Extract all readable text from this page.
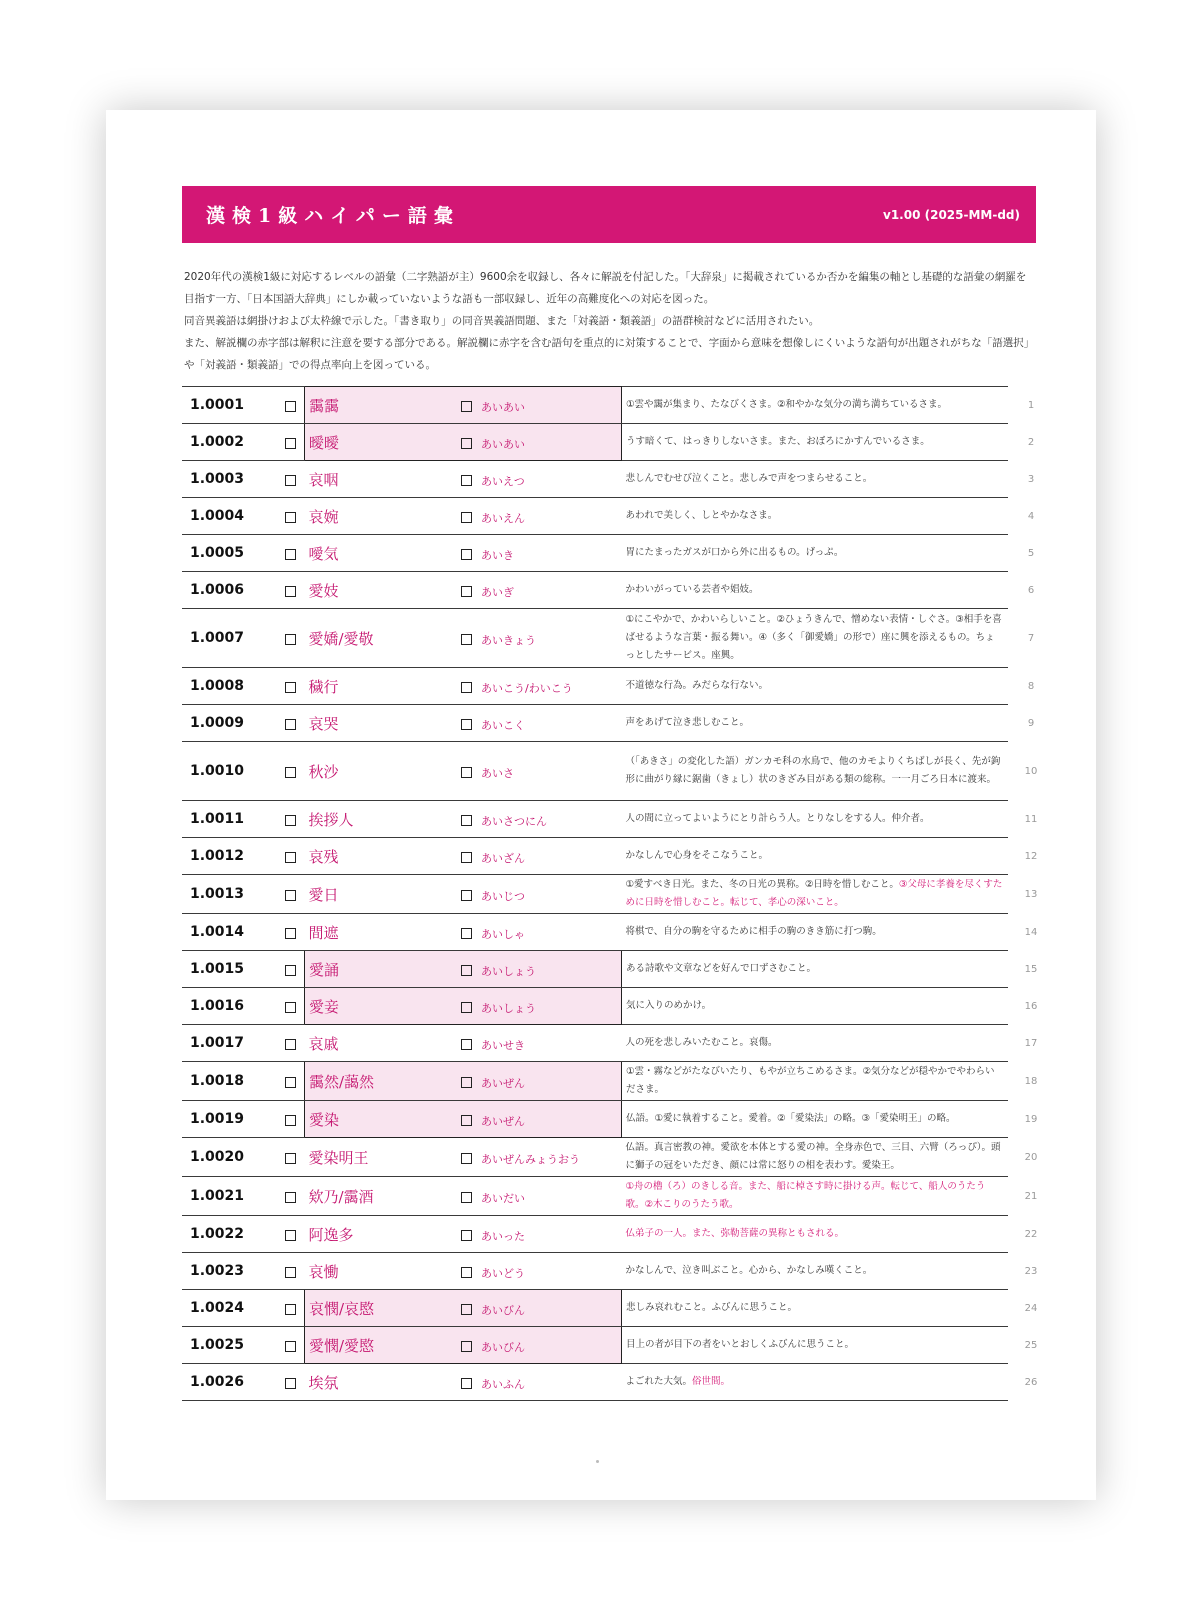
漢検1級ハイパー語彙	v1.00 (2025-MM-dd)

2020年代の漢検1級に対応するレベルの語彙（二字熟語が主）9600余を収録し、各々に解説を付記した。「大辞泉」に掲載されているか否かを編集の軸とし基礎的な語彙の網羅を

目指す一方、「日本国語大辞典」にしか載っていないような語も一部収録し、近年の高難度化への対応を図った。

同音異義語は網掛けおよび太枠線で示した。「書き取り」の同音異義語問題、また「対義語・類義語」の語群検討などに活用されたい。

また、解説欄の赤字部は解釈に注意を要する部分である。解説欄に赤字を含む語句を重点的に対策することで、字面から意味を想像しにくいような語句が出題されがちな「語選択」

や「対義語・類義語」での得点率向上を図っている。

1.0001		靄靄		あいあい	①雲や靄が集まり、たなびくさま。②和やかな気分の満ち満ちているさま。	1
1.0002		曖曖		あいあい	うす暗くて、はっきりしないさま。また、おぼろにかすんでいるさま。	2
1.0003		哀咽		あいえつ	悲しんでむせび泣くこと。悲しみで声をつまらせること。	3
1.0004		哀婉		あいえん	あわれで美しく、しとやかなさま。	4
1.0005		噯気		あいき	胃にたまったガスが口から外に出るもの。げっぷ。	5
1.0006		愛妓		あいぎ	かわいがっている芸者や娼妓。	6
1.0007		愛嬌/愛敬		あいきょう	①にこやかで、かわいらしいこと。②ひょうきんで、憎めない表情・しぐさ。③相手を喜ばせるような言葉・振る舞い。④（多く「御愛嬌」の形で）座に興を添えるもの。ちょっとしたサービス。座興。	7
1.0008		穢行		あいこう/わいこう	不道徳な行為。みだらな行ない。	8
1.0009		哀哭		あいこく	声をあげて泣き悲しむこと。	9
1.0010		秋沙		あいさ	（「あきさ」の変化した語）ガンカモ科の水鳥で、他のカモよりくちばしが長く、先が鉤形に曲がり縁に鋸歯（きょし）状のきざみ目がある類の総称。一一月ごろ日本に渡来。	10
1.0011		挨拶人		あいさつにん	人の間に立ってよいようにとり計らう人。とりなしをする人。仲介者。	11
1.0012		哀残		あいざん	かなしんで心身をそこなうこと。	12
1.0013		愛日		あいじつ	①愛すべき日光。また、冬の日光の異称。②日時を惜しむこと。③父母に孝養を尽くすために日時を惜しむこと。転じて、孝心の深いこと。	13
1.0014		間遮		あいしゃ	将棋で、自分の駒を守るために相手の駒のきき筋に打つ駒。	14
1.0015		愛誦		あいしょう	ある詩歌や文章などを好んで口ずさむこと。	15
1.0016		愛妾		あいしょう	気に入りのめかけ。	16
1.0017		哀戚		あいせき	人の死を悲しみいたむこと。哀傷。	17
1.0018		靄然/藹然		あいぜん	①雲・霧などがたなびいたり、もやが立ちこめるさま。②気分などが穏やかでやわらいださま。	18
1.0019		愛染		あいぜん	仏語。①愛に執着すること。愛着。②「愛染法」の略。③「愛染明王」の略。	19
1.0020		愛染明王		あいぜんみょうおう	仏語。真言密教の神。愛欲を本体とする愛の神。全身赤色で、三目、六臂（ろっぴ）。頭に獅子の冠をいただき、顔には常に怒りの相を表わす。愛染王。	20
1.0021		欸乃/靄酒		あいだい	①舟の櫓（ろ）のきしる音。また、船に棹さす時に掛ける声。転じて、船人のうたう歌。②木こりのうたう歌。	21
1.0022		阿逸多		あいった	仏弟子の一人。また、弥勒菩薩の異称ともされる。	22
1.0023		哀慟		あいどう	かなしんで、泣き叫ぶこと。心から、かなしみ嘆くこと。	23
1.0024		哀憫/哀愍		あいびん	悲しみ哀れむこと。ふびんに思うこと。	24
1.0025		愛憫/愛愍		あいびん	目上の者が目下の者をいとおしくふびんに思うこと。	25
1.0026		埃氛		あいふん	よごれた大気。俗世間。	26
